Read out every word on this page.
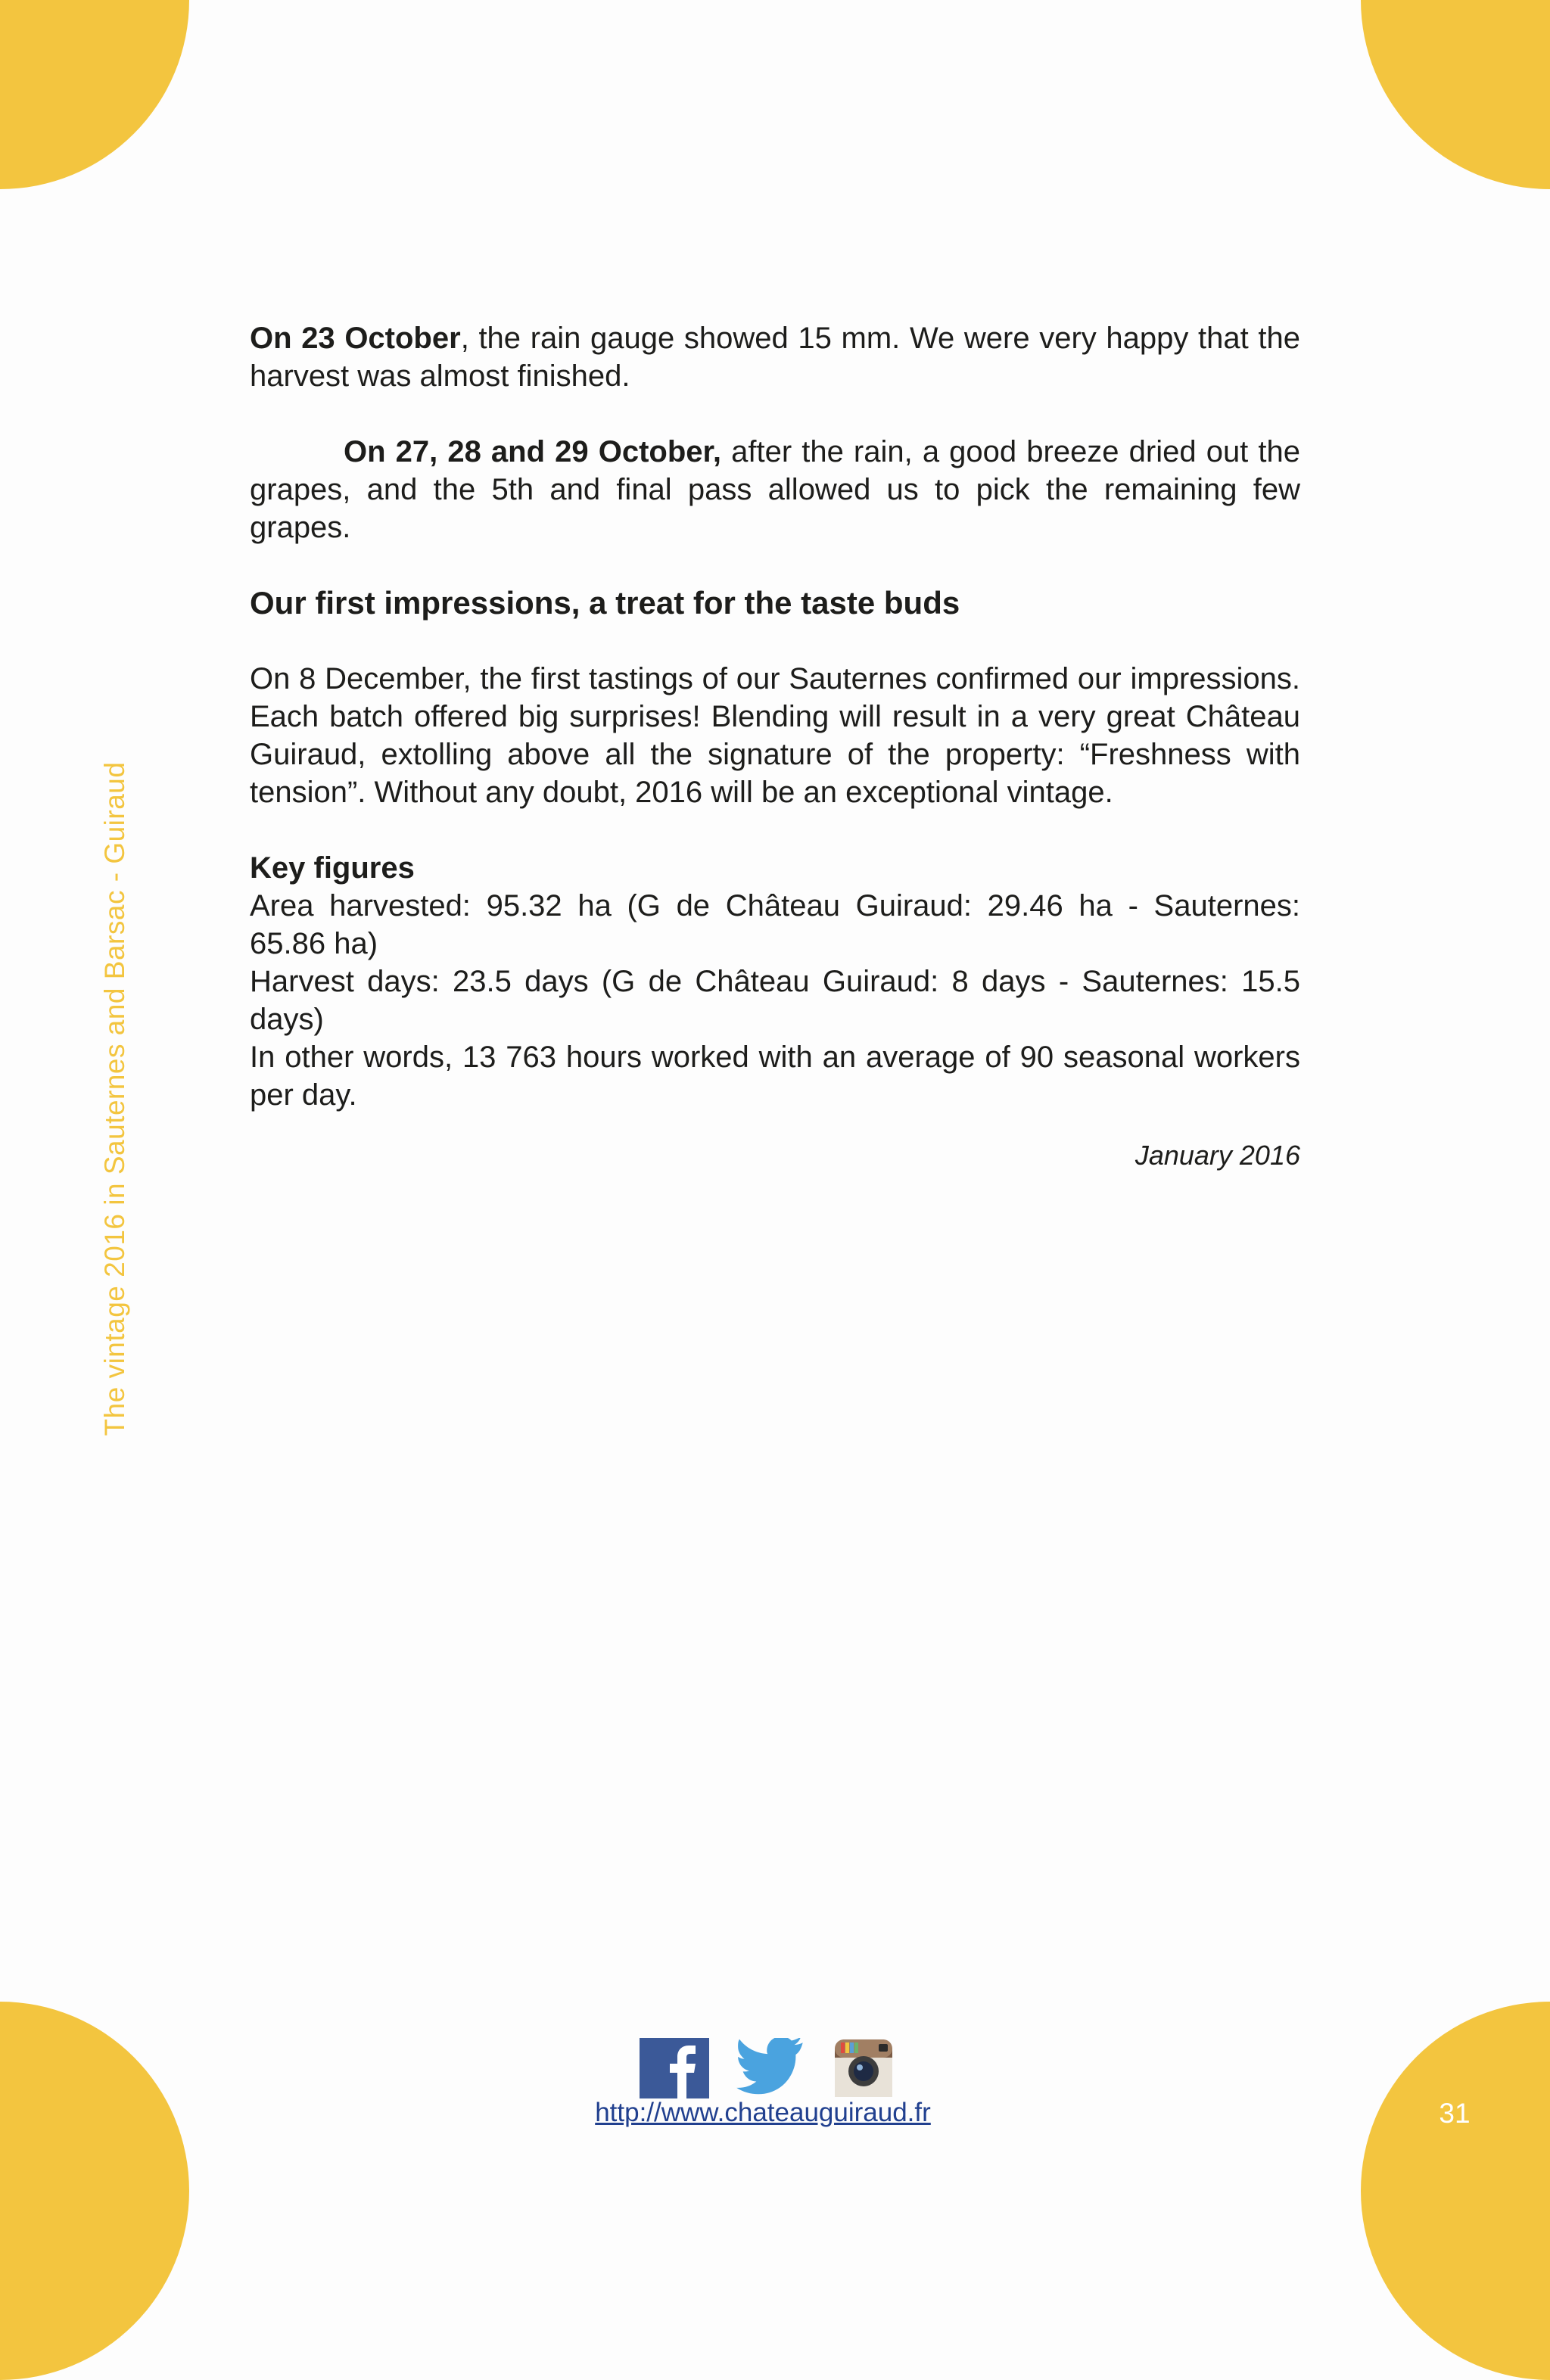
The vintage 2016 in Sauternes and Barsac - Guiraud

On 23 October, the rain gauge showed 15 mm. We were very happy that the harvest was almost finished.

On 27, 28 and 29 October, after the rain, a good breeze dried out the grapes, and the 5th and final pass allowed us to pick the remaining few grapes.

Our first impressions, a treat for the taste buds

On 8 December, the first tastings of our Sauternes confirmed our impressions. Each batch offered big surprises! Blending will result in a very great Château Guiraud, extolling above all the signature of the property: “Freshness with tension”. Without any doubt, 2016 will be an exceptional vintage.

Key figures

Area harvested: 95.32 ha (G de Château Guiraud: 29.46 ha - Sauternes: 65.86 ha)

Harvest days: 23.5 days (G de Château Guiraud: 8 days - Sauternes: 15.5 days)

In other words, 13 763 hours worked with an average of 90 seasonal workers per day.

January 2016

http://www.chateauguiraud.fr	31
